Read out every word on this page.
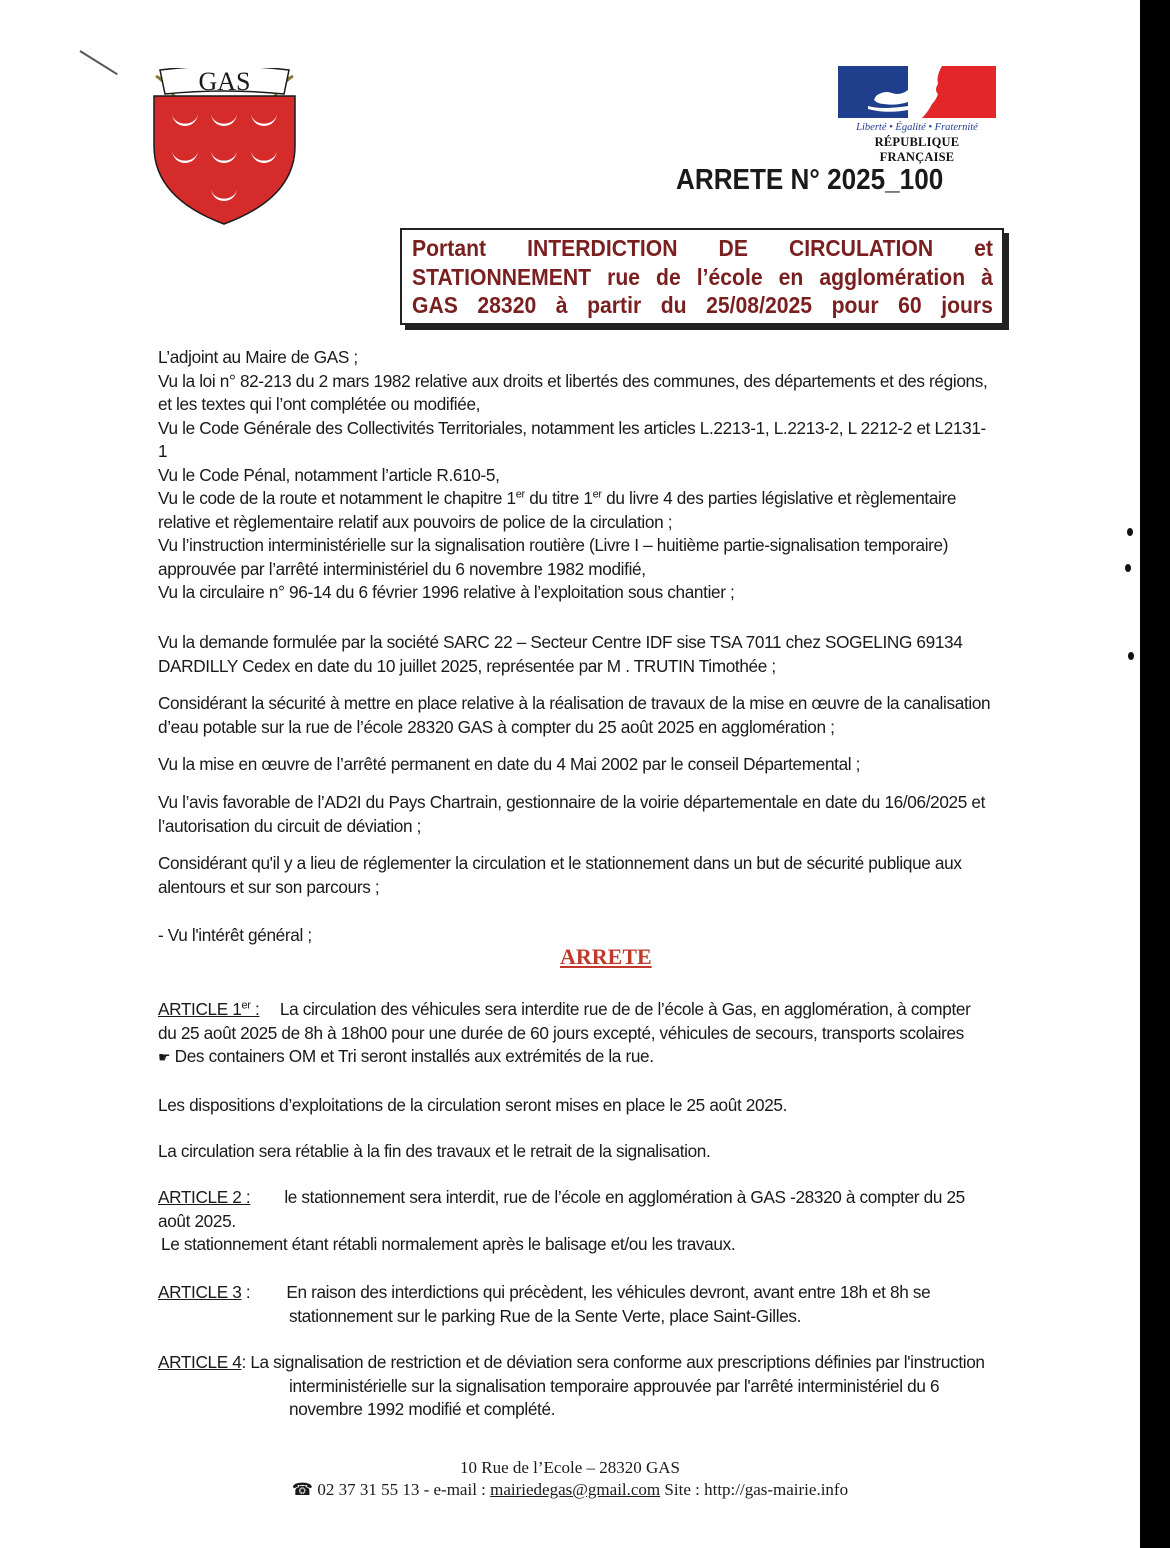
GAS
Liberté • Égalité • Fraternité
RÉPUBLIQUE FRANÇAISE
ARRETE N° 2025_100
Portant INTERDICTION DE CIRCULATION et
STATIONNEMENT rue de l’école en agglomération à
GAS 28320 à partir du 25/08/2025 pour 60 jours

L’adjoint au Maire de GAS ;

Vu la loi n° 82-213 du 2 mars 1982 relative aux droits et libertés des communes, des départements et des régions,

et les textes qui l’ont complétée ou modifiée,

Vu le Code Générale des Collectivités Territoriales, notamment les articles L.2213-1, L.2213-2, L 2212-2 et L2131-

1

Vu le Code Pénal, notamment l’article R.610-5,

Vu le code de la route et notamment le chapitre 1er du titre 1er du livre 4 des parties législative et règlementaire

relative et règlementaire relatif aux pouvoirs de police de la circulation ;

Vu l’instruction interministérielle sur la signalisation routière (Livre I – huitième partie-signalisation temporaire)

approuvée par l’arrêté interministériel du 6 novembre 1982 modifié,

Vu la circulaire n° 96-14 du 6 février 1996 relative à l’exploitation sous chantier ;

Vu la demande formulée par la société SARC 22 – Secteur Centre IDF sise TSA 7011 chez SOGELING 69134

DARDILLY Cedex en date du 10 juillet 2025, représentée par M . TRUTIN Timothée ;

Considérant la sécurité à mettre en place relative à la réalisation de travaux de la mise en œuvre de la canalisation

d’eau potable sur la rue de l’école 28320 GAS à compter du 25 août 2025 en agglomération ;

Vu la mise en œuvre de l’arrêté permanent en date du 4 Mai 2002 par le conseil Départemental ;

Vu l’avis favorable de l’AD2I du Pays Chartrain, gestionnaire de la voirie départementale en date du 16/06/2025 et

l’autorisation du circuit de déviation ;

Considérant qu'il y a lieu de réglementer la circulation et le stationnement dans un but de sécurité publique aux

alentours et sur son parcours ;

- Vu l'intérêt général ;

ARRETE

ARTICLE 1er : La circulation des véhicules sera interdite rue de de l’école à Gas, en agglomération, à compter

du 25 août 2025 de 8h à 18h00 pour une durée de 60 jours excepté, véhicules de secours, transports scolaires

☛ Des containers OM et Tri seront installés aux extrémités de la rue.

Les dispositions d’exploitations de la circulation seront mises en place le 25 août 2025.

La circulation sera rétablie à la fin des travaux et le retrait de la signalisation.

ARTICLE 2 : le stationnement sera interdit, rue de l’école en agglomération à GAS -28320 à compter du 25

août 2025.

Le stationnement étant rétabli normalement après le balisage et/ou les travaux.

ARTICLE 3 : En raison des interdictions qui précèdent, les véhicules devront, avant entre 18h et 8h se

stationnement sur le parking Rue de la Sente Verte, place Saint-Gilles.

ARTICLE 4: La signalisation de restriction et de déviation sera conforme aux prescriptions définies par l'instruction

interministérielle sur la signalisation temporaire approuvée par l'arrêté interministériel du 6

novembre 1992 modifié et complété.

10 Rue de l’Ecole – 28320 GAS
☎ 02 37 31 55 13 - e-mail : mairiedegas@gmail.com Site : http://gas-mairie.info
